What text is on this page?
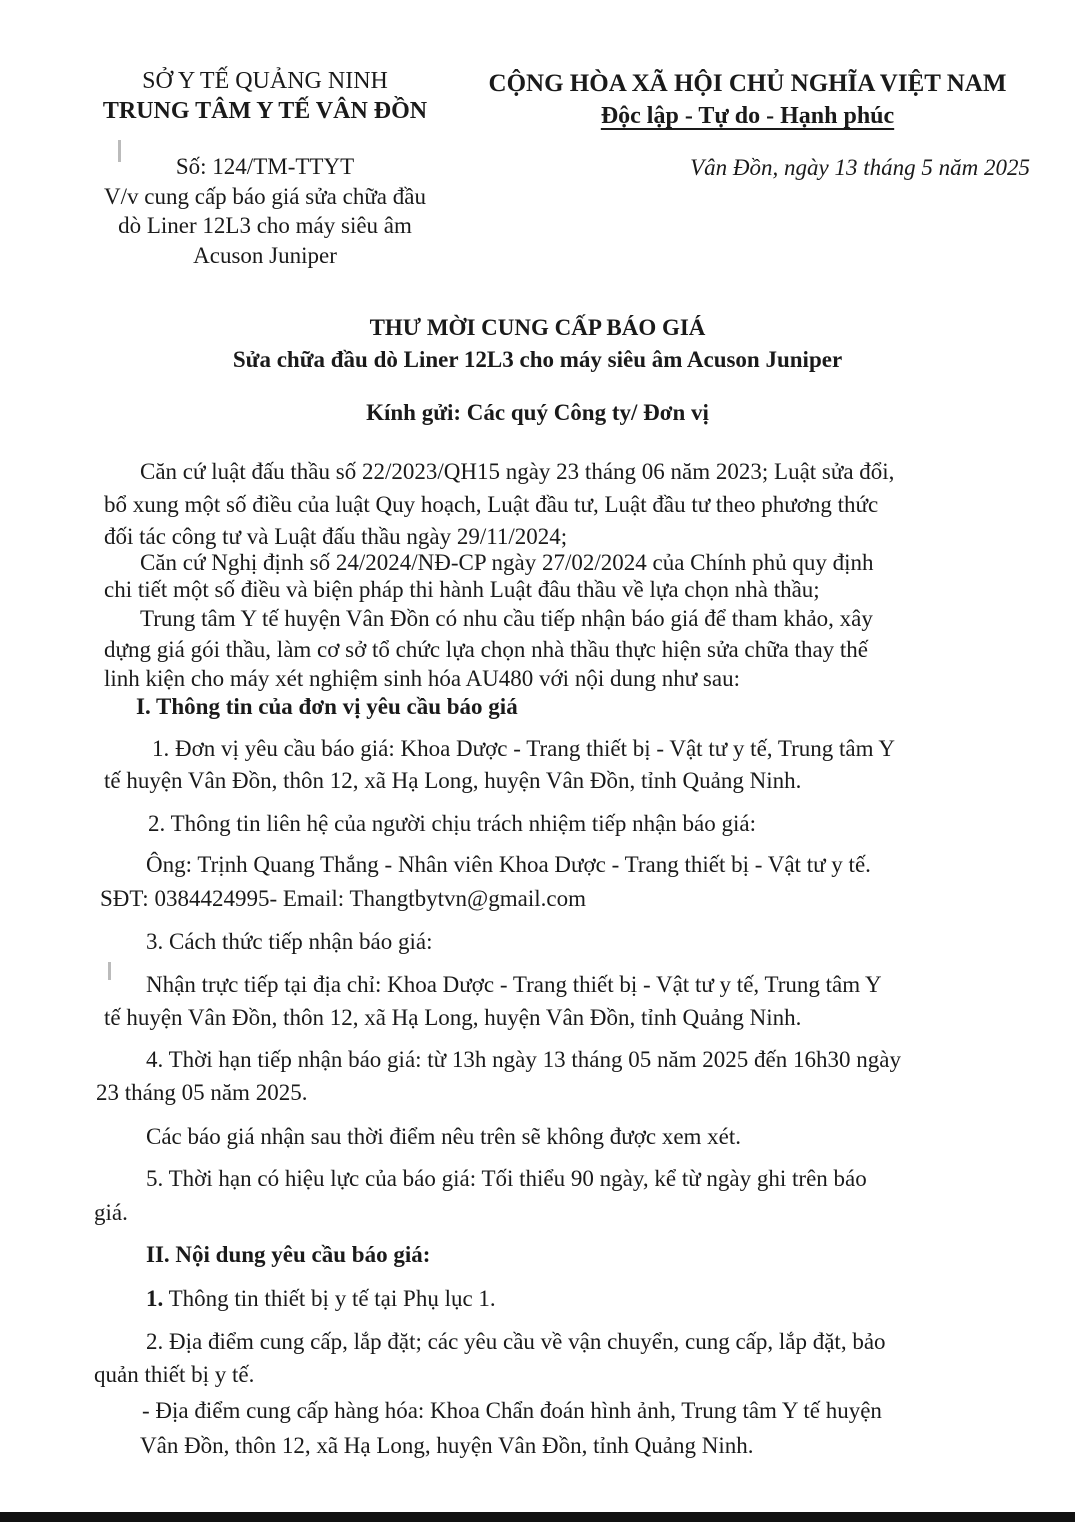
SỞ Y TẾ QUẢNG NINH
TRUNG TÂM Y TẾ VÂN ĐỒN
CỘNG HÒA XÃ HỘI CHỦ NGHĨA VIỆT NAM
Độc lập - Tự do - Hạnh phúc
Số: 124/TM-TTYT
V/v cung cấp báo giá sửa chữa đầu
dò Liner 12L3 cho máy siêu âm
Acuson Juniper
Vân Đồn, ngày 13 tháng 5 năm 2025
THƯ MỜI CUNG CẤP BÁO GIÁ
Sửa chữa đầu dò Liner 12L3 cho máy siêu âm Acuson Juniper
Kính gửi: Các quý Công ty/ Đơn vị
Căn cứ luật đấu thầu số 22/2023/QH15 ngày 23 tháng 06 năm 2023; Luật sửa đổi,
bổ xung một số điều của luật Quy hoạch, Luật đầu tư, Luật đầu tư theo phương thức
đối tác công tư và Luật đấu thầu ngày 29/11/2024;
Căn cứ Nghị định số 24/2024/NĐ-CP ngày 27/02/2024 của Chính phủ quy định
chi tiết một số điều và biện pháp thi hành Luật đâu thầu về lựa chọn nhà thầu;
Trung tâm Y tế huyện Vân Đồn có nhu cầu tiếp nhận báo giá để tham khảo, xây
dựng giá gói thầu, làm cơ sở tổ chức lựa chọn nhà thầu thực hiện sửa chữa thay thế
linh kiện cho máy xét nghiệm sinh hóa AU480 với nội dung như sau:
I. Thông tin của đơn vị yêu cầu báo giá
1. Đơn vị yêu cầu báo giá: Khoa Dược - Trang thiết bị - Vật tư y tế, Trung tâm Y
tế huyện Vân Đồn, thôn 12, xã Hạ Long, huyện Vân Đồn, tỉnh Quảng Ninh.
2. Thông tin liên hệ của người chịu trách nhiệm tiếp nhận báo giá:
Ông: Trịnh Quang Thắng - Nhân viên Khoa Dược - Trang thiết bị - Vật tư y tế.
SĐT: 0384424995- Email: Thangtbytvn@gmail.com
3. Cách thức tiếp nhận báo giá:
Nhận trực tiếp tại địa chỉ: Khoa Dược - Trang thiết bị - Vật tư y tế, Trung tâm Y
tế huyện Vân Đồn, thôn 12, xã Hạ Long, huyện Vân Đồn, tỉnh Quảng Ninh.
4. Thời hạn tiếp nhận báo giá: từ 13h ngày 13 tháng 05 năm 2025 đến 16h30 ngày
23 tháng 05 năm 2025.
Các báo giá nhận sau thời điểm nêu trên sẽ không được xem xét.
5. Thời hạn có hiệu lực của báo giá: Tối thiểu 90 ngày, kể từ ngày ghi trên báo
giá.
II. Nội dung yêu cầu báo giá:
1. Thông tin thiết bị y tế tại Phụ lục 1.
2. Địa điểm cung cấp, lắp đặt; các yêu cầu về vận chuyển, cung cấp, lắp đặt, bảo
quản thiết bị y tế.
- Địa điểm cung cấp hàng hóa: Khoa Chẩn đoán hình ảnh, Trung tâm Y tế huyện
Vân Đồn, thôn 12, xã Hạ Long, huyện Vân Đồn, tỉnh Quảng Ninh.
